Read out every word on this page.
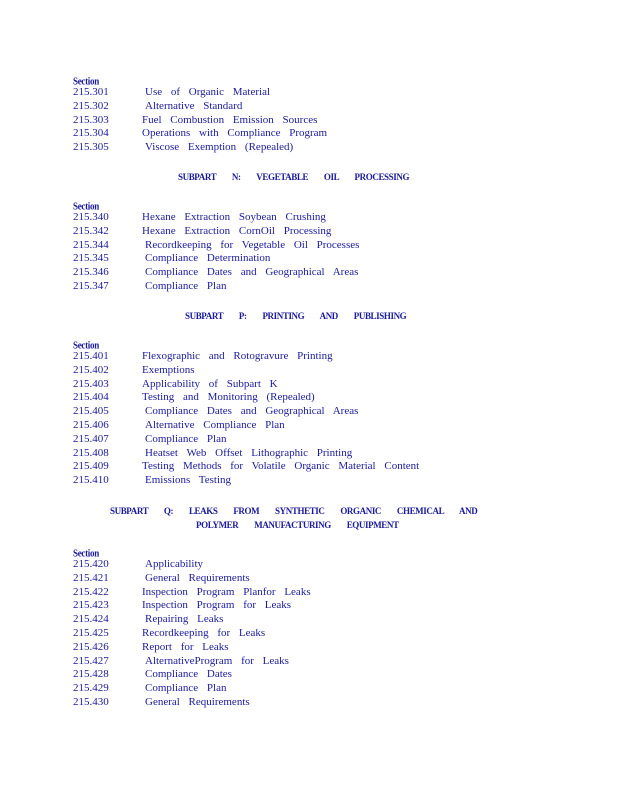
Section
215.301	Use of Organic Material
215.302	Alternative Standard
215.303	Fuel Combustion Emission Sources
215.304	Operations with Compliance Program
215.305	Viscose Exemption (Repealed)
SUBPART N: VEGETABLE OIL PROCESSING
Section
215.340	Hexane Extraction Soybean Crushing
215.342	Hexane Extraction CornOil Processing
215.344	Recordkeeping for Vegetable Oil Processes
215.345	Compliance Determination
215.346	Compliance Dates and Geographical Areas
215.347	Compliance Plan
SUBPART P: PRINTING AND PUBLISHING
Section
215.401	Flexographic and Rotogravure Printing
215.402	Exemptions
215.403	Applicability of Subpart K
215.404	Testing and Monitoring (Repealed)
215.405	Compliance Dates and Geographical Areas
215.406	Alternative Compliance Plan
215.407	Compliance Plan
215.408	Heatset Web Offset Lithographic Printing
215.409	Testing Methods for Volatile Organic Material Content
215.410	Emissions Testing
SUBPART Q: LEAKS FROM SYNTHETIC ORGANIC CHEMICAL AND
POLYMER MANUFACTURING EQUIPMENT
Section
215.420	Applicability
215.421	General Requirements
215.422	Inspection Program Planfor Leaks
215.423	Inspection Program for Leaks
215.424	Repairing Leaks
215.425	Recordkeeping for Leaks
215.426	Report for Leaks
215.427	AlternativeProgram for Leaks
215.428	Compliance Dates
215.429	Compliance Plan
215.430	General Requirements
